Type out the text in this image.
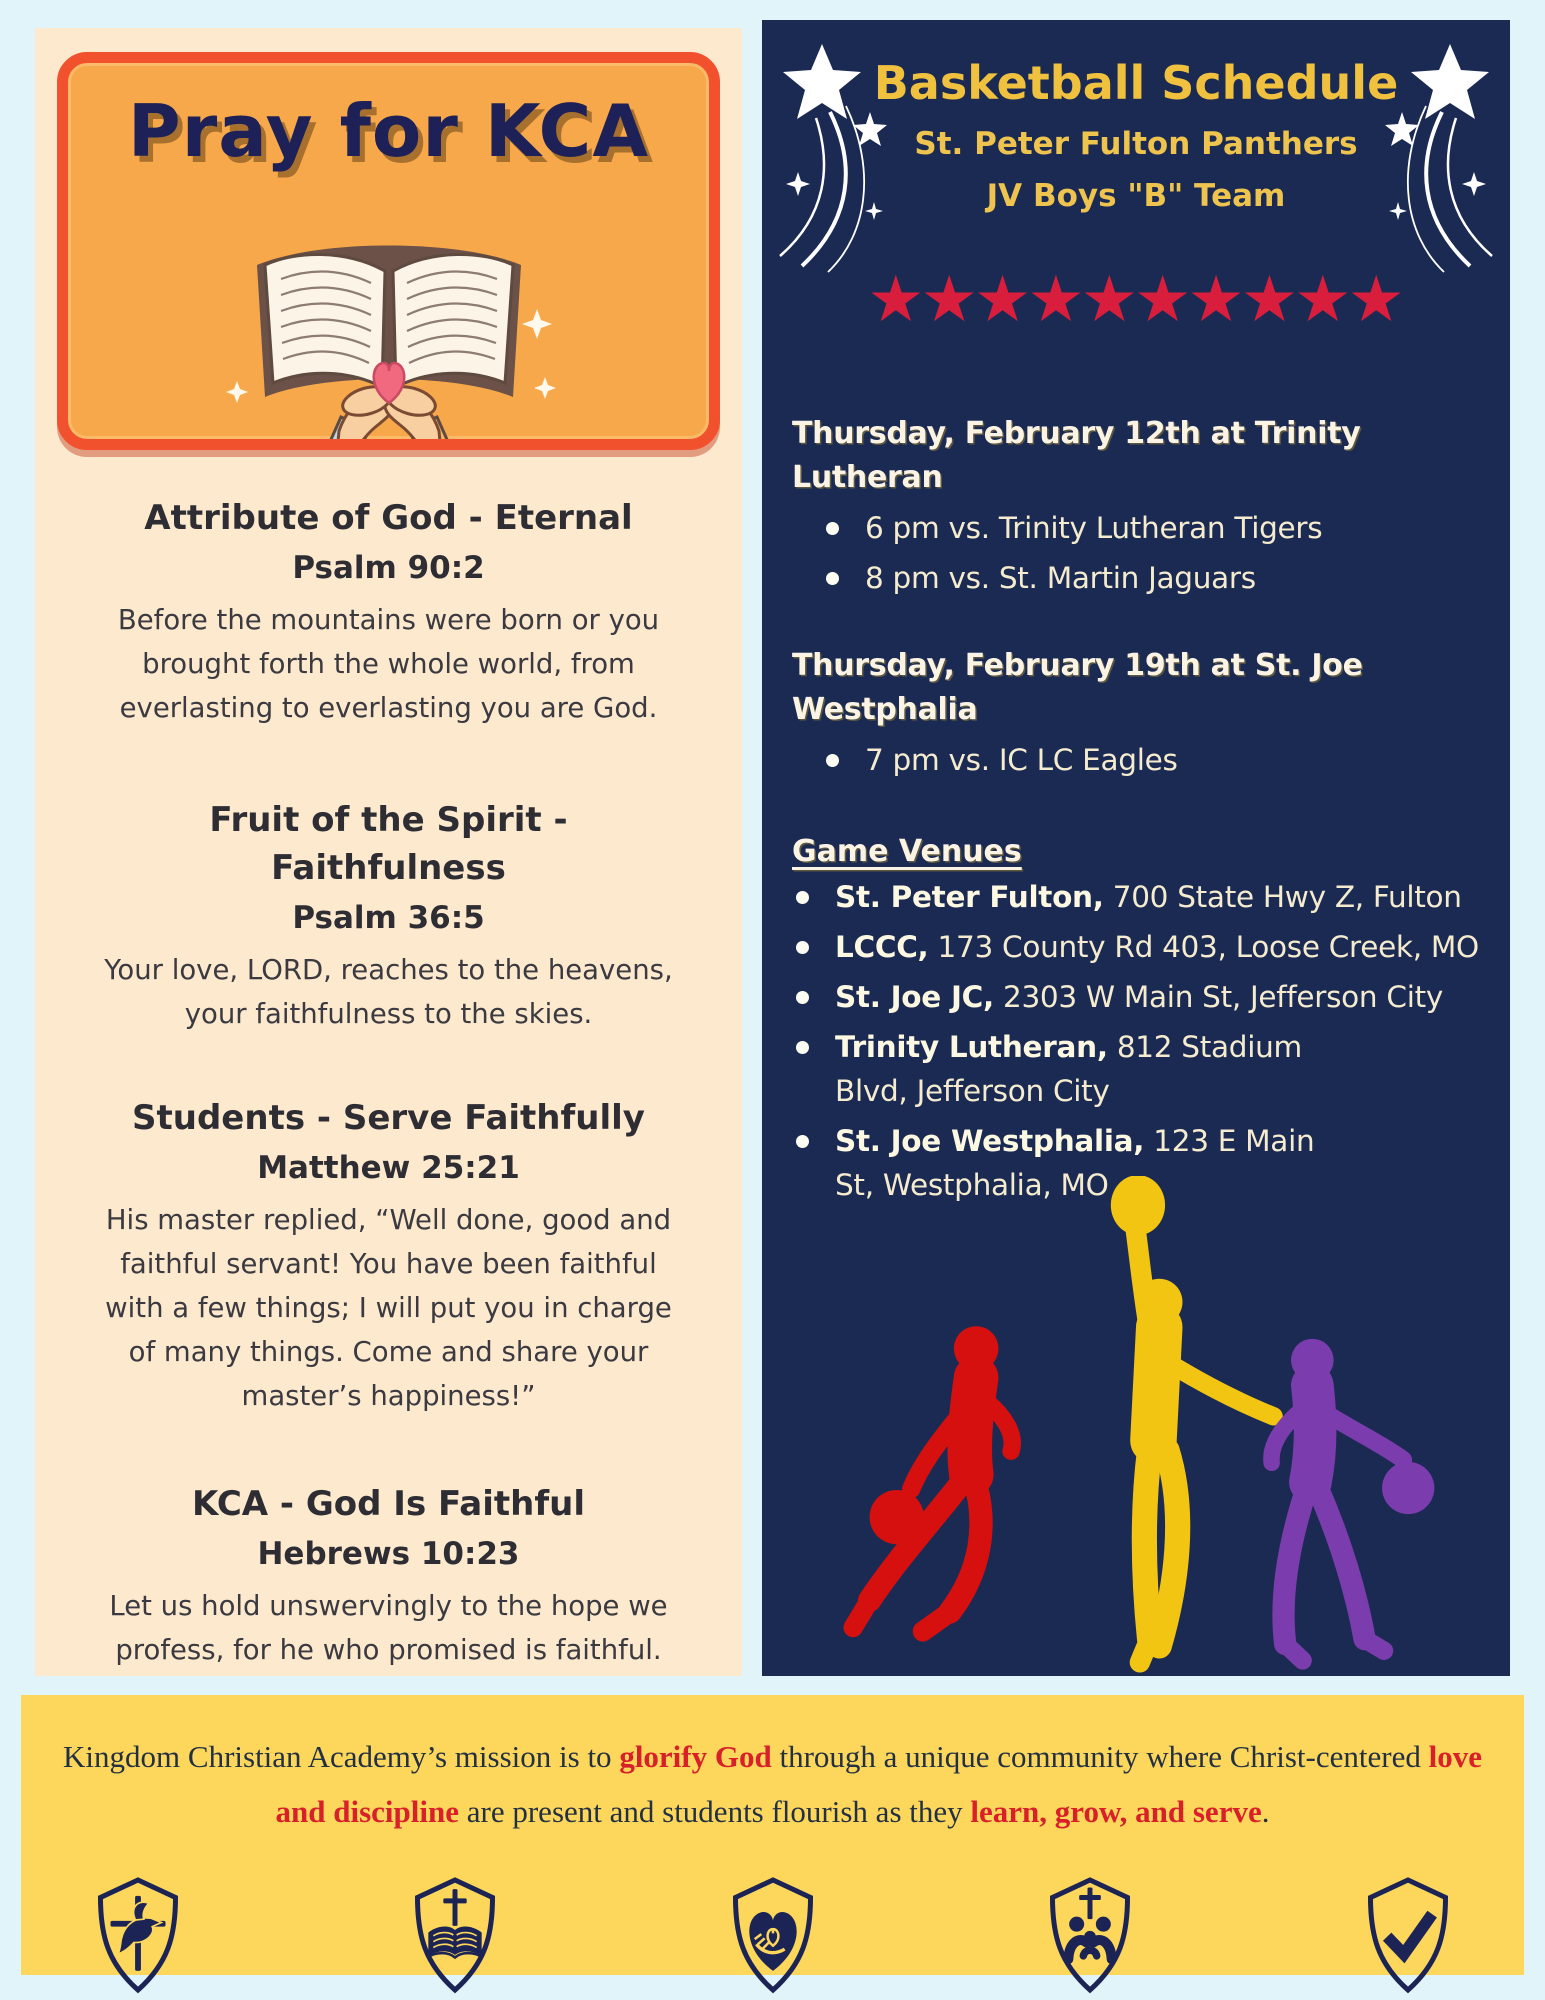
Pray for KCA
Attribute of God - Eternal
Psalm 90:2
Before the mountains were born or you brought forth the whole world, from everlasting to everlasting you are God.
Fruit of the Spirit - Faithfulness
Psalm 36:5
Your love, LORD, reaches to the heavens, your faithfulness to the skies.
Students - Serve Faithfully
Matthew 25:21
His master replied, “Well done, good and faithful servant! You have been faithful with a few things; I will put you in charge of many things. Come and share your master’s happiness!”
KCA - God Is Faithful
Hebrews 10:23
Let us hold unswervingly to the hope we profess, for he who promised is faithful.
Basketball Schedule
St. Peter Fulton Panthers
JV Boys "B" Team
★★★★★★★★★★
Thursday, February 12th at Trinity Lutheran
6 pm vs. Trinity Lutheran Tigers
8 pm vs. St. Martin Jaguars
Thursday, February 19th at St. Joe Westphalia
7 pm vs. IC LC Eagles
Game Venues
St. Peter Fulton, 700 State Hwy Z, Fulton
LCCC, 173 County Rd 403, Loose Creek, MO
St. Joe JC, 2303 W Main St, Jefferson City
Trinity Lutheran, 812 Stadium Blvd, Jefferson City
St. Joe Westphalia, 123 E Main St, Westphalia, MO

Kingdom Christian Academy’s mission is to glorify God through a unique community where Christ-centered love and discipline are present and students flourish as they learn, grow, and serve.
